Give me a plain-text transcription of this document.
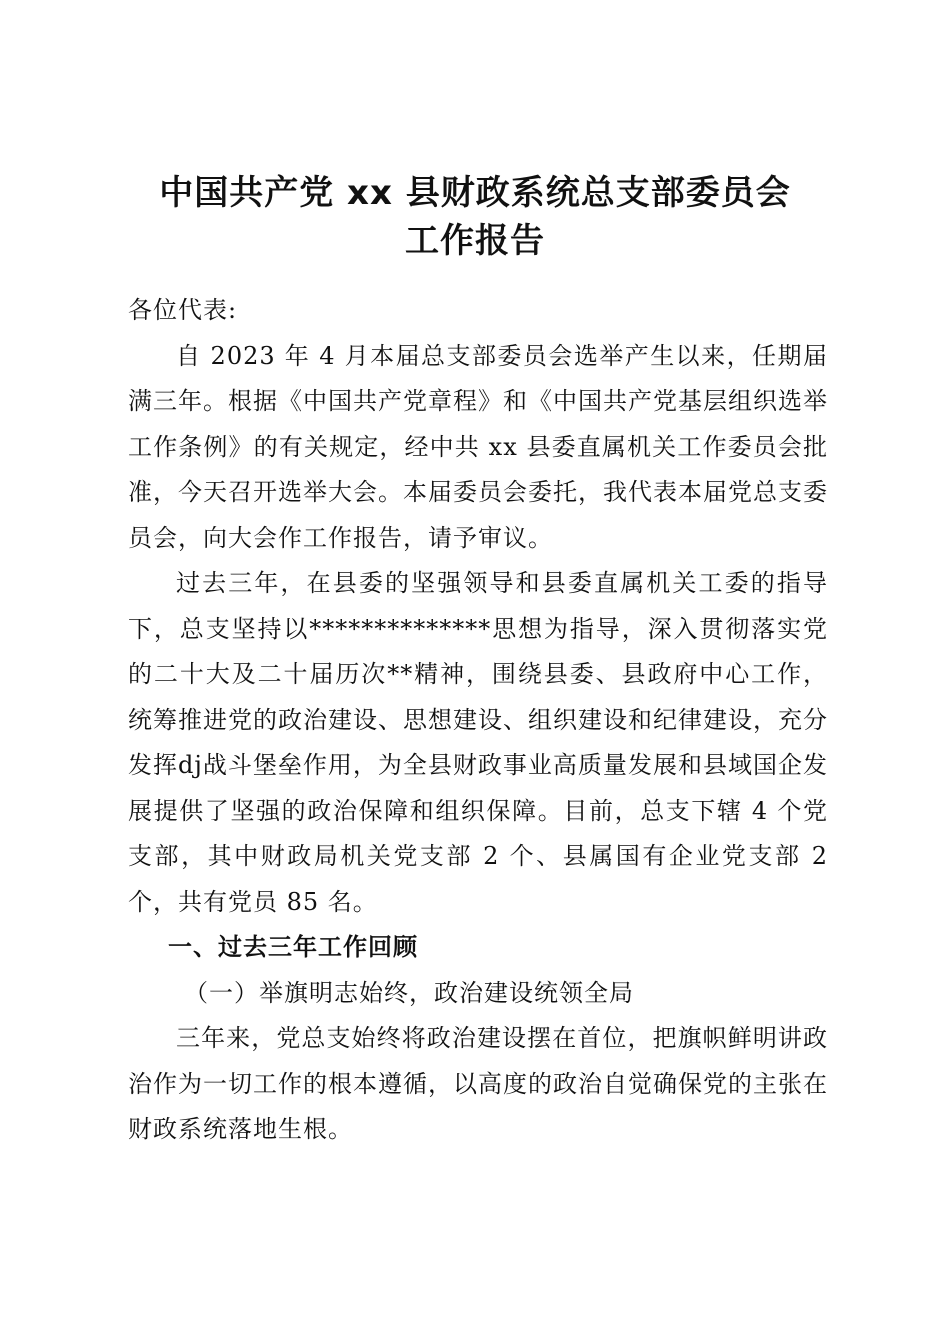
中国共产党 xx 县财政系统总支部委员会
工作报告

各位代表:

自 2023 年 4 月本届总支部委员会选举产生以来，任期届满三年。根据《中国共产党章程》和《中国共产党基层组织选举工作条例》的有关规定，经中共 xx 县委直属机关工作委员会批准，今天召开选举大会。本届委员会委托，我代表本届党总支委员会，向大会作工作报告，请予审议。

过去三年，在县委的坚强领导和县委直属机关工委的指导下，总支坚持以**************思想为指导，深入贯彻落实党的二十大及二十届历次**精神，围绕县委、县政府中心工作，统筹推进党的政治建设、思想建设、组织建设和纪律建设，充分发挥dj战斗堡垒作用，为全县财政事业高质量发展和县域国企发展提供了坚强的政治保障和组织保障。目前，总支下辖 4 个党支部，其中财政局机关党支部 2 个、县属国有企业党支部 2 个，共有党员 85 名。

一、过去三年工作回顾

（一）举旗明志始终，政治建设统领全局

三年来，党总支始终将政治建设摆在首位，把旗帜鲜明讲政治作为一切工作的根本遵循，以高度的政治自觉确保党的主张在财政系统落地生根。
